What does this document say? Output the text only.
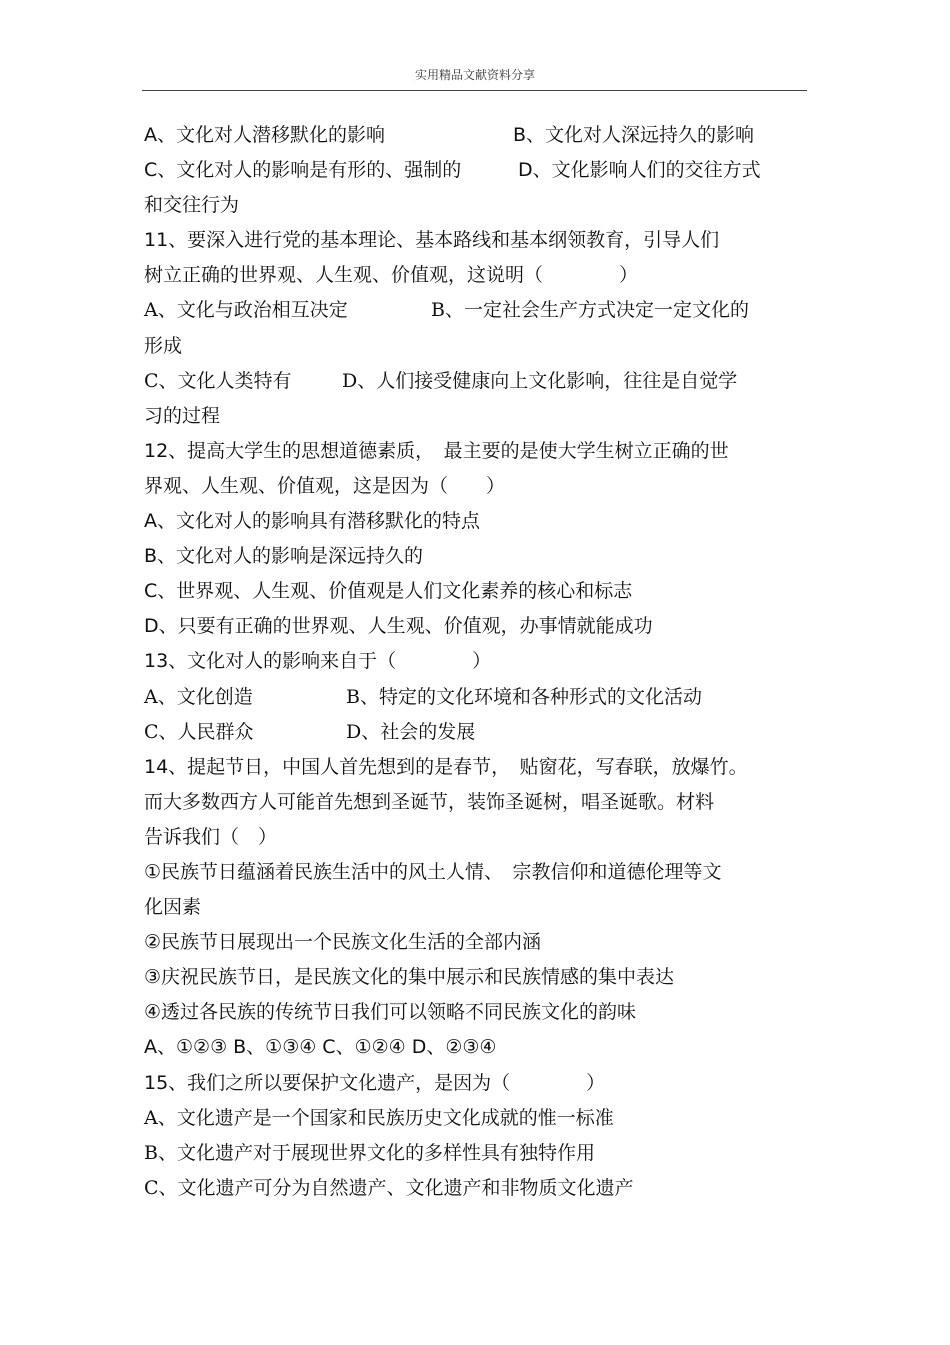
实用精品文献资料分享
A、文化对人潜移默化的影响	B、文化对人深远持久的影响
C、文化对人的影响是有形的、强制的	D、文化影响人们的交往方式
和交往行为
11、要深入进行党的基本理论、基本路线和基本纲领教育，引导人们
树立正确的世界观、人生观、价值观，这说明（　　　　）
A、文化与政治相互决定	B、一定社会生产方式决定一定文化的
形成
C、文化人类特有	D、人们接受健康向上文化影响，往往是自觉学
习的过程
12、提高大学生的思想道德素质，　最主要的是使大学生树立正确的世
界观、人生观、价值观，这是因为（　　）
A、文化对人的影响具有潜移默化的特点
B、文化对人的影响是深远持久的
C、世界观、人生观、价值观是人们文化素养的核心和标志
D、只要有正确的世界观、人生观、价值观，办事情就能成功
13、文化对人的影响来自于（　　　　）
A、文化创造	B、特定的文化环境和各种形式的文化活动
C、人民群众	D、社会的发展
14、提起节日，中国人首先想到的是春节，　贴窗花，写春联，放爆竹。
而大多数西方人可能首先想到圣诞节，装饰圣诞树，唱圣诞歌。材料
告诉我们（　）
①民族节日蕴涵着民族生活中的风土人情、　宗教信仰和道德伦理等文
化因素
②民族节日展现出一个民族文化生活的全部内涵
③庆祝民族节日，是民族文化的集中展示和民族情感的集中表达
④透过各民族的传统节日我们可以领略不同民族文化的韵味
A、①②③ B、①③④ C、①②④ D、②③④
15、我们之所以要保护文化遗产，是因为（　　　　）
A、文化遗产是一个国家和民族历史文化成就的惟一标准
B、文化遗产对于展现世界文化的多样性具有独特作用
C、文化遗产可分为自然遗产、文化遗产和非物质文化遗产
